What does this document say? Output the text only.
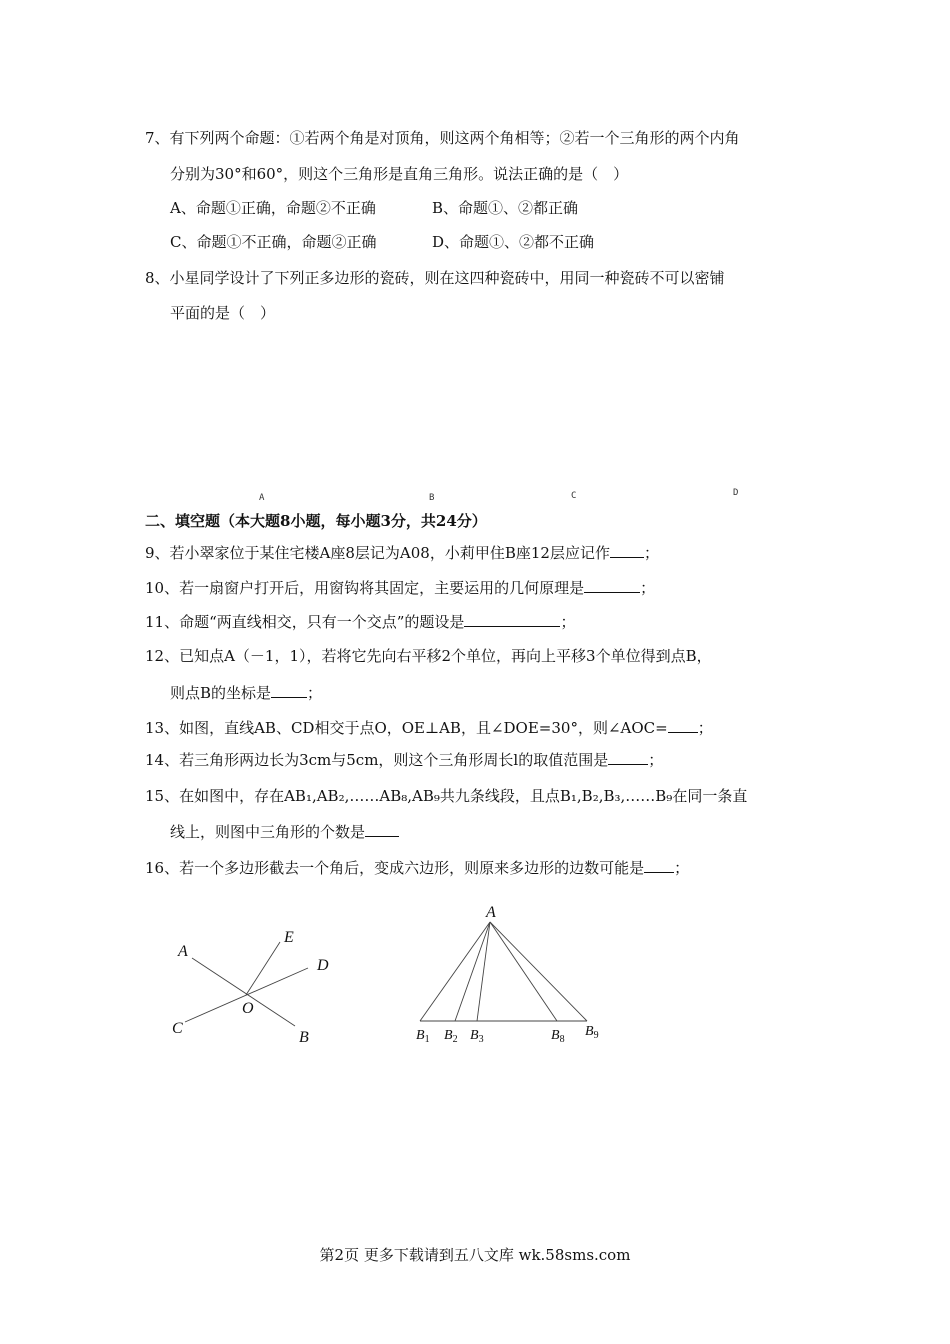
7、有下列两个命题：①若两个角是对顶角，则这两个角相等；②若一个三角形的两个内角
分别为30°和60°，则这个三角形是直角三角形。说法正确的是（　）
A、命题①正确，命题②不正确	B、命题①、②都正确
C、命题①不正确，命题②正确	D、命题①、②都不正确
8、小星同学设计了下列正多边形的瓷砖，则在这四种瓷砖中，用同一种瓷砖不可以密铺
平面的是（　）
A	B	C	D
二、填空题（本大题8小题，每小题3分，共24分）
9、若小翠家位于某住宅楼A座8层记为A08，小莉甲住B座12层应记作 ；
10、若一扇窗户打开后，用窗钩将其固定，主要运用的几何原理是	；
11、命题“两直线相交，只有一个交点”的题设是	；
12、已知点A（－1，1），若将它先向右平移2个单位，再向上平移3个单位得到点B，
则点B的坐标是 ；
13、如图，直线AB、CD相交于点O，OE⊥AB，且∠DOE=30°，则∠AOC= ；
14、若三角形两边长为3cm与5cm，则这个三角形周长l的取值范围是	；
15、在如图中，存在AB₁,AB₂,……AB₈,AB₉共九条线段，且点B₁,B₂,B₃,……B₉在同一条直
线上，则图中三角形的个数是
16、若一个多边形截去一个角后，变成六边形，则原来多边形的边数可能是 ；
A
E
D
O
C
B
A
$B_1$ $B_2$ $B_3$	$B_8$
$B_9$
第2页 更多下载请到五八文库 wk.58sms.com
